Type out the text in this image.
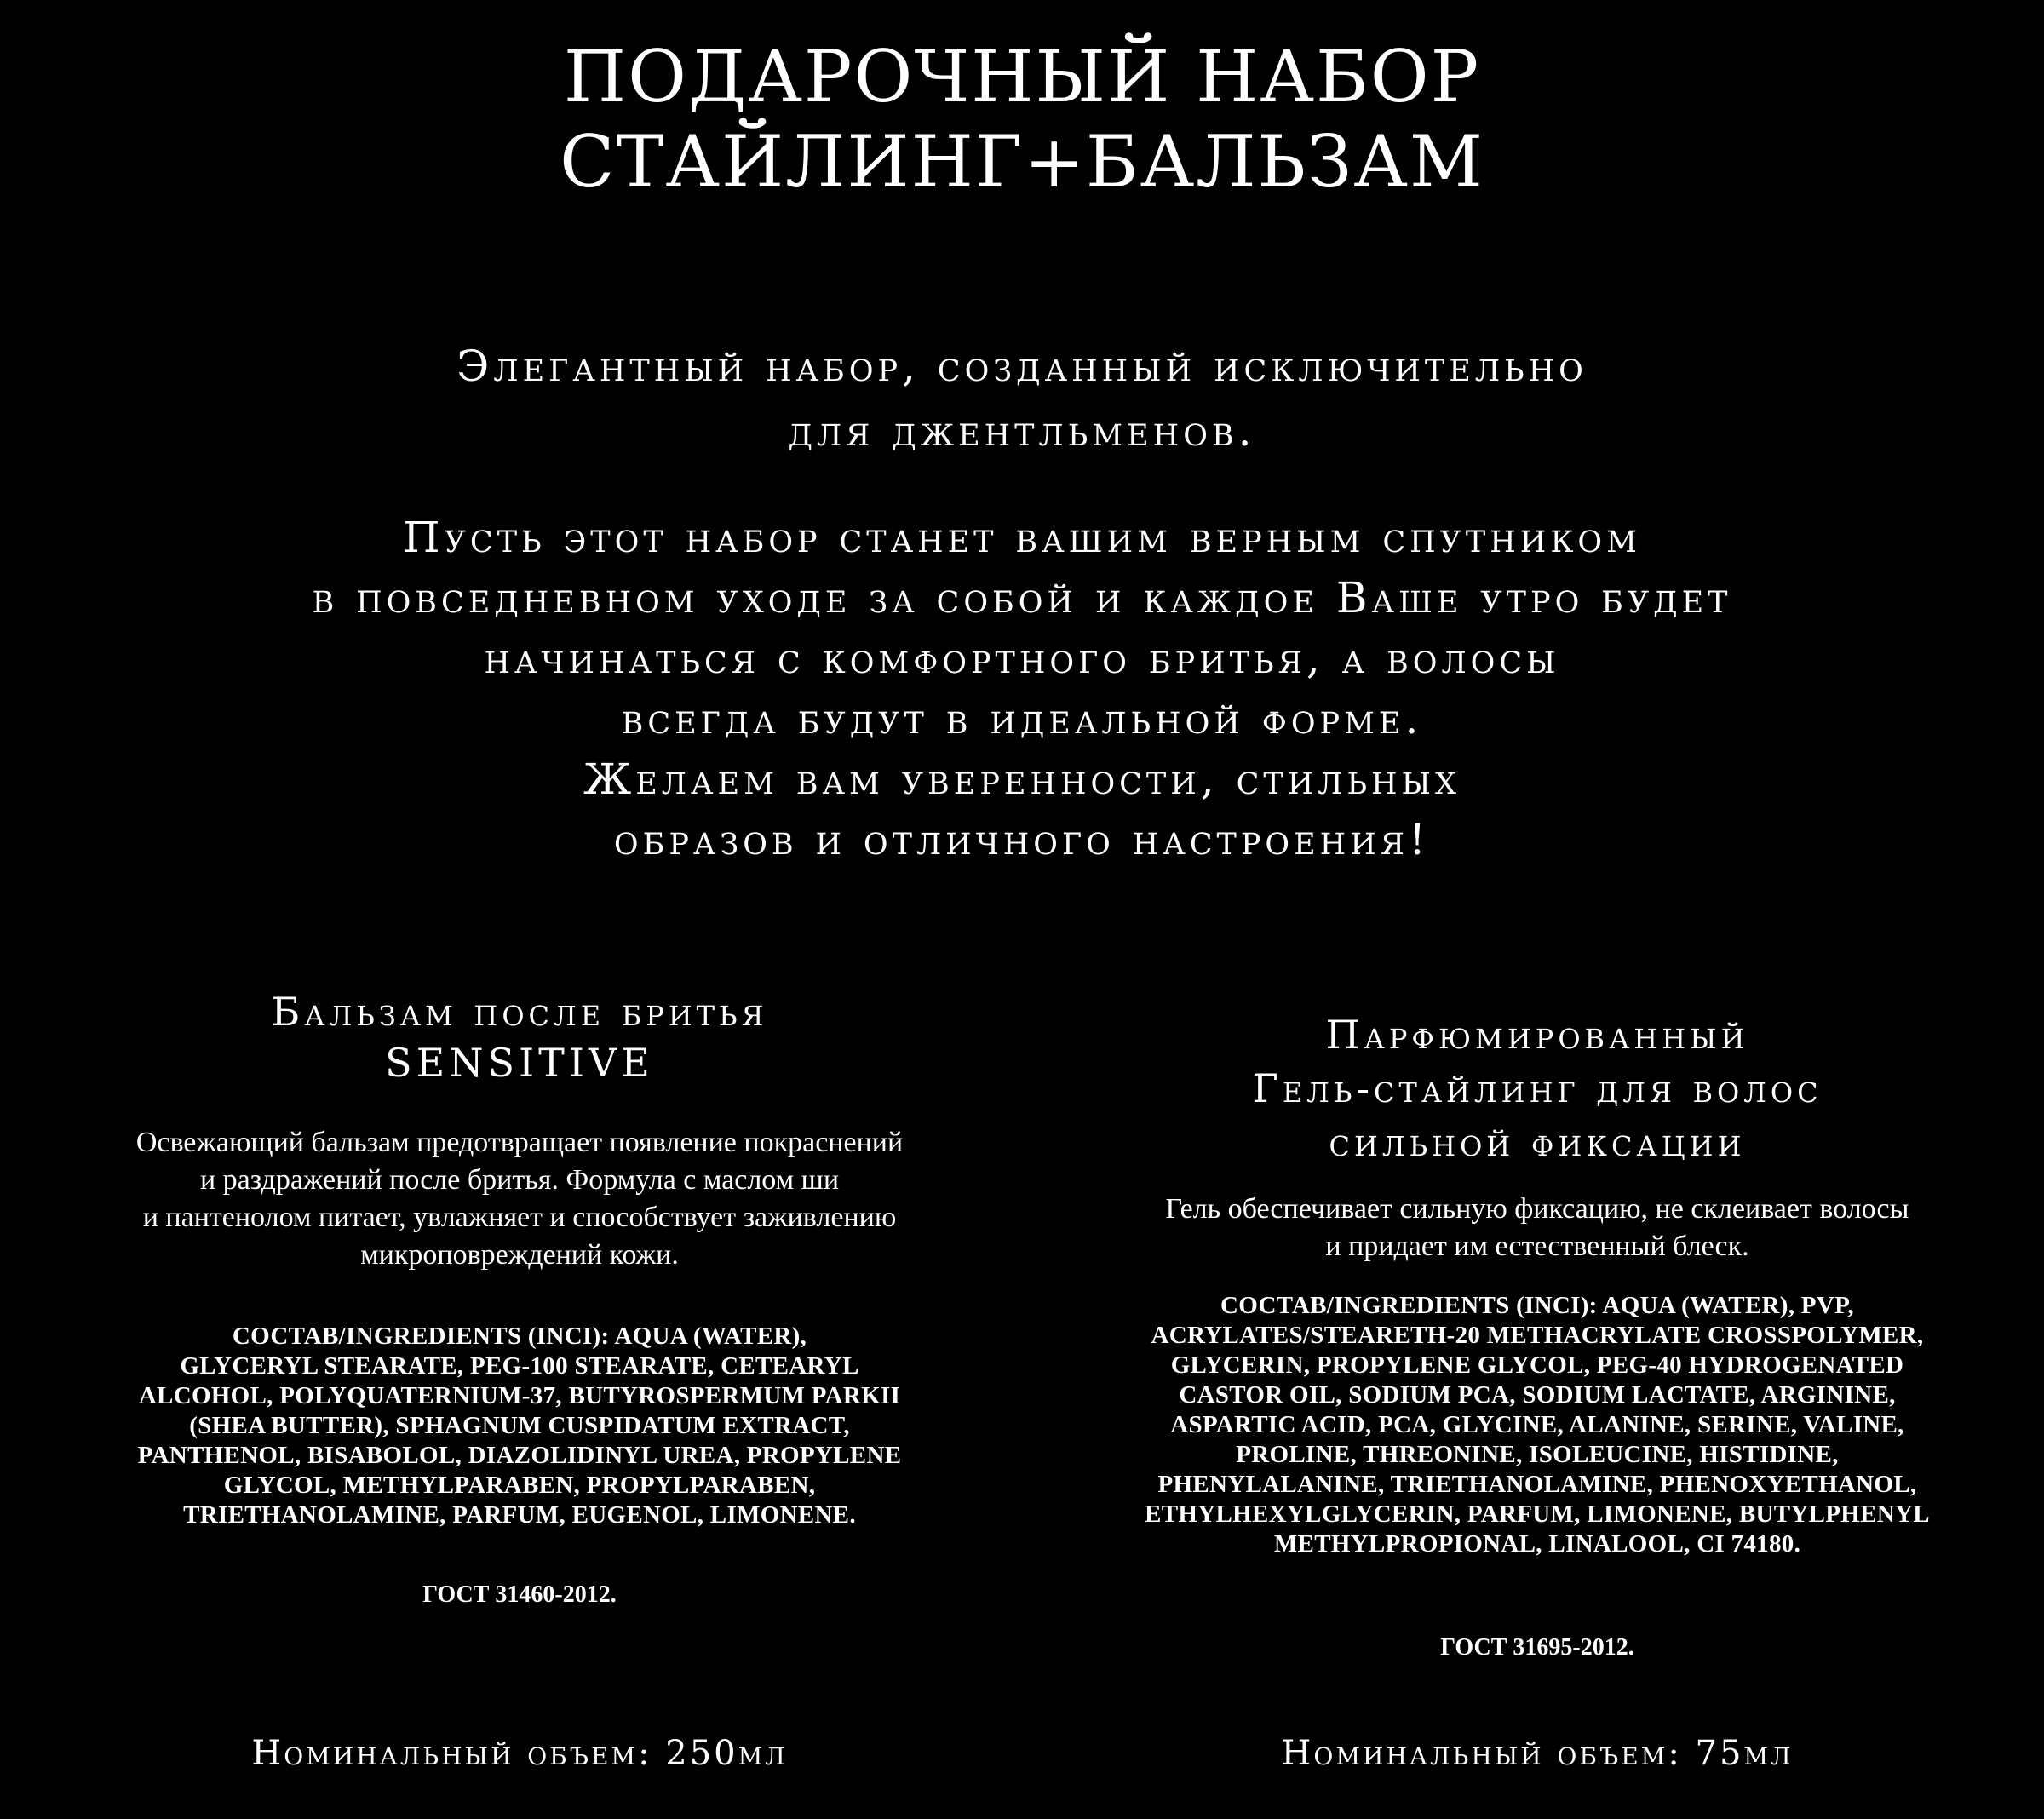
ПОДАРОЧНЫЙ НАБОР
СТАЙЛИНГ+БАЛЬЗАМ
Элегантный набор, созданный исключительно
для джентльменов.
Пусть этот набор станет вашим верным спутником
в повседневном уходе за собой и каждое Ваше утро будет
начинаться с комфортного бритья, а волосы
всегда будут в идеальной форме.
Желаем вам уверенности, стильных
образов и отличного настроения!
Бальзам после бритья
SENSITIVE
Освежающий бальзам предотвращает появление покраснений
и раздражений после бритья. Формула с маслом ши
и пантенолом питает, увлажняет и способствует заживлению
микроповреждений кожи.
СОСТАВ/INGREDIENTS (INCI): AQUA (WATER),
GLYCERYL STEARATE, PEG-100 STEARATE, CETEARYL
ALCOHOL, POLYQUATERNIUM-37, BUTYROSPERMUM PARKII
(SHEA BUTTER), SPHAGNUM CUSPIDATUM EXTRACT,
PANTHENOL, BISABOLOL, DIAZOLIDINYL UREA, PROPYLENE
GLYCOL, METHYLPARABEN, PROPYLPARABEN,
TRIETHANOLAMINE, PARFUM, EUGENOL, LIMONENE.
ГОСТ 31460-2012.
Номинальный объем: 250мл
Парфюмированный
Гель-стайлинг для волос
сильной фиксации
Гель обеспечивает сильную фиксацию, не склеивает волосы
и придает им естественный блеск.
СОСТАВ/INGREDIENTS (INCI): AQUA (WATER), PVP,
ACRYLATES/STEARETH-20 METHACRYLATE CROSSPOLYMER,
GLYCERIN, PROPYLENE GLYCOL, PEG-40 HYDROGENATED
CASTOR OIL, SODIUM PCA, SODIUM LACTATE, ARGININE,
ASPARTIC ACID, PCA, GLYCINE, ALANINE, SERINE, VALINE,
PROLINE, THREONINE, ISOLEUCINE, HISTIDINE,
PHENYLALANINE, TRIETHANOLAMINE, PHENOXYETHANOL,
ETHYLHEXYLGLYCERIN, PARFUM, LIMONENE, BUTYLPHENYL
METHYLPROPIONAL, LINALOOL, CI 74180.
ГОСТ 31695-2012.
Номинальный объем: 75мл
